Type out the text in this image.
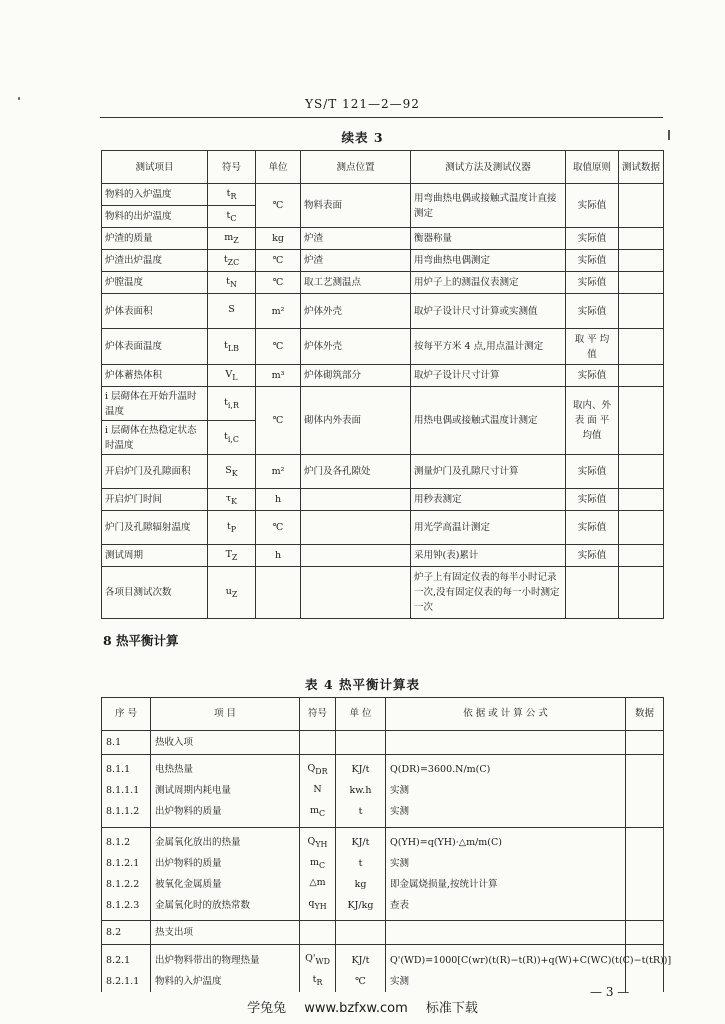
YS/T 121—2—92
续表 3
测试项目	符号	单位	测点位置	测试方法及测试仪器	取值原则	测试数据
物料的入炉温度	$t_R$	℃	物料表面	用弯曲热电偶或接触式温度计直接测定	实际值	
物料的出炉温度	$t_C$
炉渣的质量	$m_Z$	kg	炉渣	衡器称量	实际值	
炉渣出炉温度	$t_{ZC}$	℃	炉渣	用弯曲热电偶测定	实际值	
炉膛温度	$t_N$	℃	取工艺测温点	用炉子上的测温仪表测定	实际值	
炉体表面积	S	m²	炉体外壳	取炉子设计尺寸计算或实测值	实际值	
炉体表面温度	$t_{LB}$	℃	炉体外壳	按每平方米 4 点,用点温计测定	取 平 均 值	
炉体蓄热体积	$V_L$	m³	炉体砌筑部分	取炉子设计尺寸计算	实际值	
i 层砌体在开始升温时温度	$t_{i,R}$	℃	砌体内外表面	用热电偶或接触式温度计测定	取内、外表 面 平 均值	
i 层砌体在热稳定状态时温度	$t_{i,C}$
开启炉门及孔隙面积	$S_K$	m²	炉门及各孔隙处	测量炉门及孔隙尺寸计算	实际值	
开启炉门时间	$\tau_K$	h		用秒表测定	实际值	
炉门及孔隙辐射温度	$t_P$	℃		用光学高温计测定	实际值	
测试周期	$T_Z$	h		采用钟(表)累计	实际值	
各项目测试次数	$u_Z$			炉子上有固定仪表的每半小时记录一次,没有固定仪表的每一小时测定一次		
8 热平衡计算
表 4 热平衡计算表
序 号	项 目	符号	单 位	依 据 或 计 算 公 式	数据
8.1	热收入项				
8.1.1	电热热量	$Q_{DR}$	KJ/t	Q(DR)=3600.N/m(C)	
8.1.1.1	测试周期内耗电量	N	kw.h	实测	
8.1.1.2	出炉物料的质量	$m_C$	t	实测	
8.1.2	金属氧化放出的热量	$Q_{YH}$	KJ/t	Q(YH)=q(YH)·△m/m(C)	
8.1.2.1	出炉物料的质量	$m_C$	t	实测	
8.1.2.2	被氧化金属质量	△m	kg	即金属烧损量,按统计计算	
8.1.2.3	金属氧化时的放热常数	$q_{YH}$	KJ/kg	查表	
8.2	热支出项				
8.2.1	出炉物料带出的物理热量	$Q'_{WD}$	KJ/t	Q'(WD)=1000[C(wr)(t(R)−t(R))+q(W)+C(WC)(t(C)−t(tR))]	
8.2.1.1	物料的入炉温度	$t_R$	℃	实测	
— 3 —
学兔兔 www.bzfxw.com 标准下载
